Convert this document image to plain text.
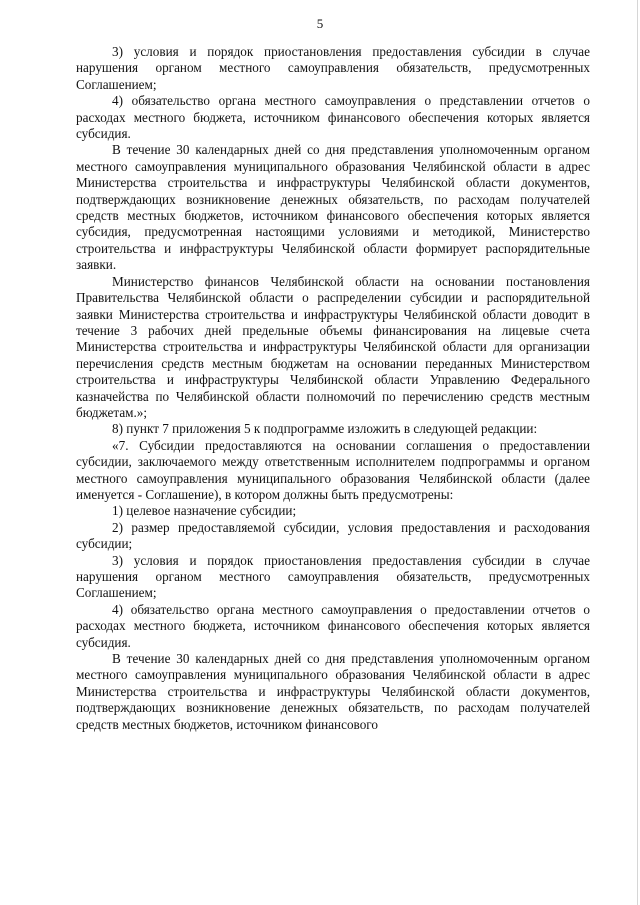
5

3) условия и порядок приостановления предоставления субсидии в случае нарушения органом местного самоуправления обязательств, предусмотренных Соглашением;

4) обязательство органа местного самоуправления о представлении отчетов о расходах местного бюджета, источником финансового обеспечения которых является субсидия.

В течение 30 календарных дней со дня представления уполномоченным органом местного самоуправления муниципального образования Челябинской области в адрес Министерства строительства и инфраструктуры Челябинской области документов, подтверждающих возникновение денежных обязательств, по расходам получателей средств местных бюджетов, источником финансового обеспечения которых является субсидия, предусмотренная настоящими условиями и методикой, Министерство строительства и инфраструктуры Челябинской области формирует распорядительные заявки.

Министерство финансов Челябинской области на основании постановления Правительства Челябинской области о распределении субсидии и распорядительной заявки Министерства строительства и инфраструктуры Челябинской области доводит в течение 3 рабочих дней предельные объемы финансирования на лицевые счета Министерства строительства и инфраструктуры Челябинской области для организации перечисления средств местным бюджетам на основании переданных Министерством строительства и инфраструктуры Челябинской области Управлению Федерального казначейства по Челябинской области полномочий по перечислению средств местным бюджетам.»;

8) пункт 7 приложения 5 к подпрограмме изложить в следующей редакции:

«7. Субсидии предоставляются на основании соглашения о предоставлении субсидии, заключаемого между ответственным исполнителем подпрограммы и органом местного самоуправления муниципального образования Челябинской области (далее именуется - Соглашение), в котором должны быть предусмотрены:

1) целевое назначение субсидии;

2) размер предоставляемой субсидии, условия предоставления и расходования субсидии;

3) условия и порядок приостановления предоставления субсидии в случае нарушения органом местного самоуправления обязательств, предусмотренных Соглашением;

4) обязательство органа местного самоуправления о предоставлении отчетов о расходах местного бюджета, источником финансового обеспечения которых является субсидия.

В течение 30 календарных дней со дня представления уполномоченным органом местного самоуправления муниципального образования Челябинской области в адрес Министерства строительства и инфраструктуры Челябинской области документов, подтверждающих возникновение денежных обязательств, по расходам получателей средств местных бюджетов, источником финансового
